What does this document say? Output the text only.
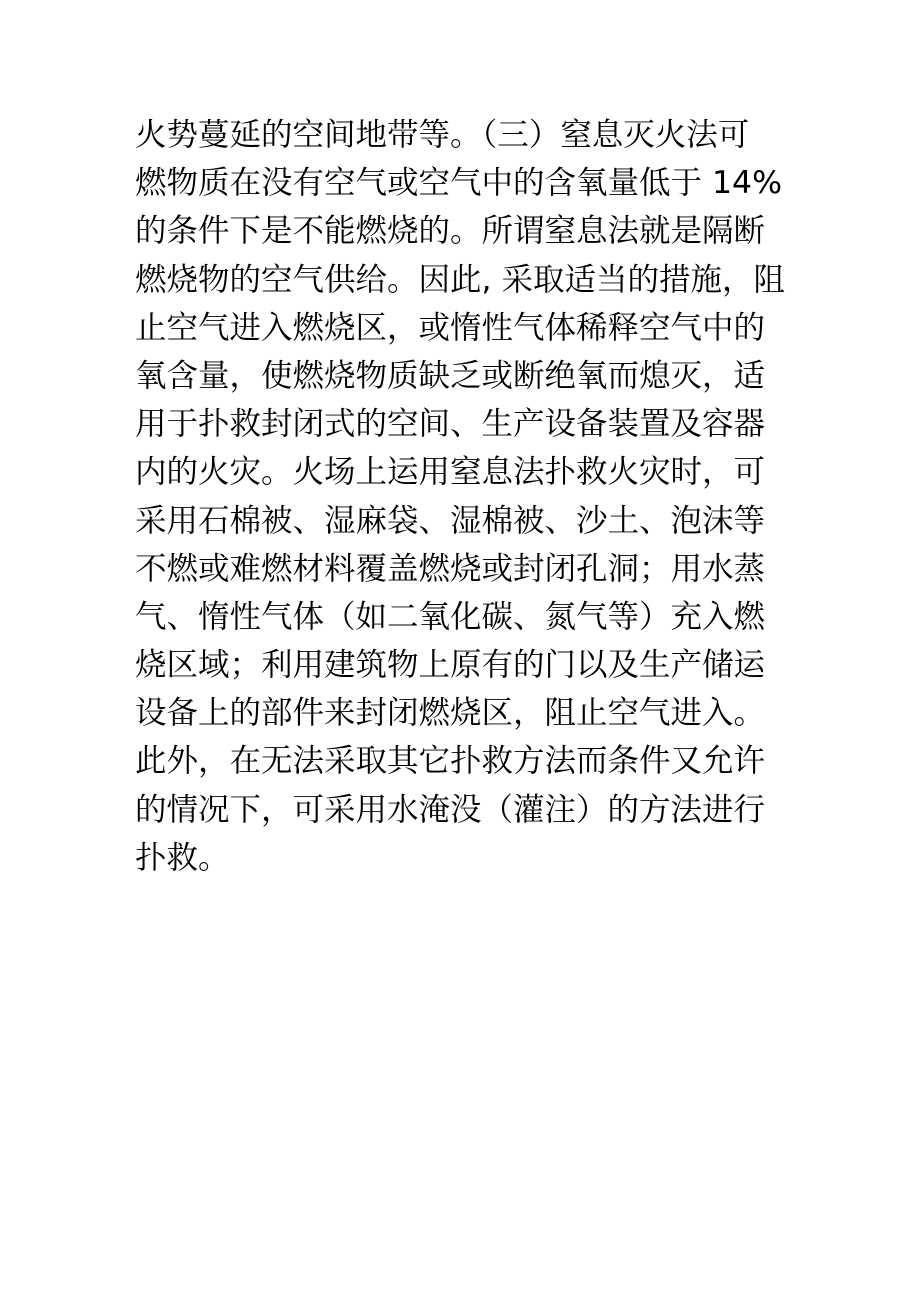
火势蔓延的空间地带等。（三）窒息灭火法可
燃物质在没有空气或空气中的含氧量低于 14%
的条件下是不能燃烧的。所谓窒息法就是隔断
燃烧物的空气供给。因此, 采取适当的措施，阻
止空气进入燃烧区，或惰性气体稀释空气中的
氧含量，使燃烧物质缺乏或断绝氧而熄灭，适
用于扑救封闭式的空间、生产设备装置及容器
内的火灾。火场上运用窒息法扑救火灾时，可
采用石棉被、湿麻袋、湿棉被、沙土、泡沫等
不燃或难燃材料覆盖燃烧或封闭孔洞；用水蒸
气、惰性气体（如二氧化碳、氮气等）充入燃
烧区域；利用建筑物上原有的门以及生产储运
设备上的部件来封闭燃烧区，阻止空气进入。
此外，在无法采取其它扑救方法而条件又允许
的情况下，可采用水淹没（灌注）的方法进行
扑救。
